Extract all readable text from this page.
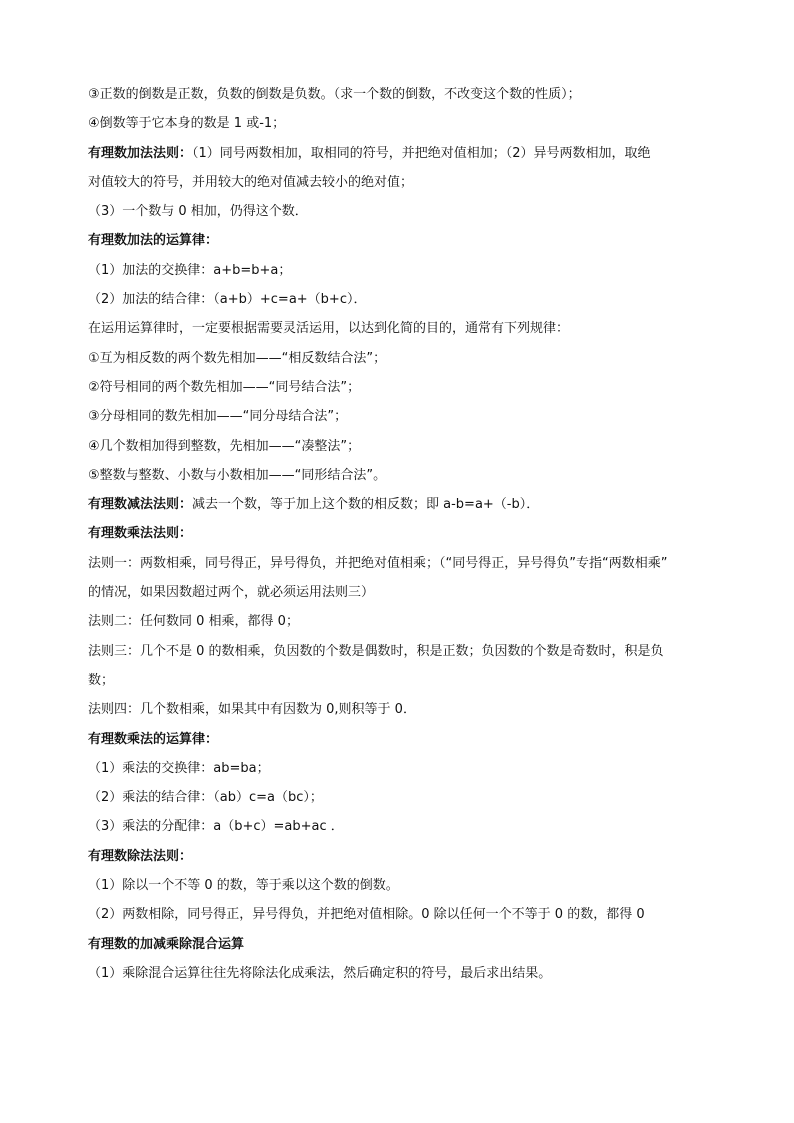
③正数的倒数是正数，负数的倒数是负数。（求一个数的倒数，不改变这个数的性质）；
④倒数等于它本身的数是 1 或-1；
有理数加法法则：（1）同号两数相加，取相同的符号，并把绝对值相加；（2）异号两数相加，取绝
对值较大的符号，并用较大的绝对值减去较小的绝对值；
（3）一个数与 0 相加，仍得这个数．
有理数加法的运算律：
（1）加法的交换律：a+b=b+a；
（2）加法的结合律：（a+b）+c=a+（b+c）．
在运用运算律时，一定要根据需要灵活运用，以达到化简的目的，通常有下列规律：
①互为相反数的两个数先相加——“相反数结合法”；
②符号相同的两个数先相加——“同号结合法”；
③分母相同的数先相加——“同分母结合法”；
④几个数相加得到整数，先相加——“凑整法”；
⑤整数与整数、小数与小数相加——“同形结合法”。
有理数减法法则：减去一个数，等于加上这个数的相反数；即 a-b=a+（-b）．
有理数乘法法则：
法则一：两数相乘，同号得正，异号得负，并把绝对值相乘；（“同号得正，异号得负”专指“两数相乘”
的情况，如果因数超过两个，就必须运用法则三）
法则二：任何数同 0 相乘，都得 0；
法则三：几个不是 0 的数相乘，负因数的个数是偶数时，积是正数；负因数的个数是奇数时，积是负
数；
法则四：几个数相乘，如果其中有因数为 0,则积等于 0．
有理数乘法的运算律：
（1）乘法的交换律：ab=ba；
（2）乘法的结合律：（ab）c=a（bc）；
（3）乘法的分配律：a（b+c）=ab+ac ．
有理数除法法则：
（1）除以一个不等 0 的数，等于乘以这个数的倒数。
（2）两数相除，同号得正，异号得负，并把绝对值相除。0 除以任何一个不等于 0 的数，都得 0
有理数的加减乘除混合运算
（1）乘除混合运算往往先将除法化成乘法，然后确定积的符号，最后求出结果。
